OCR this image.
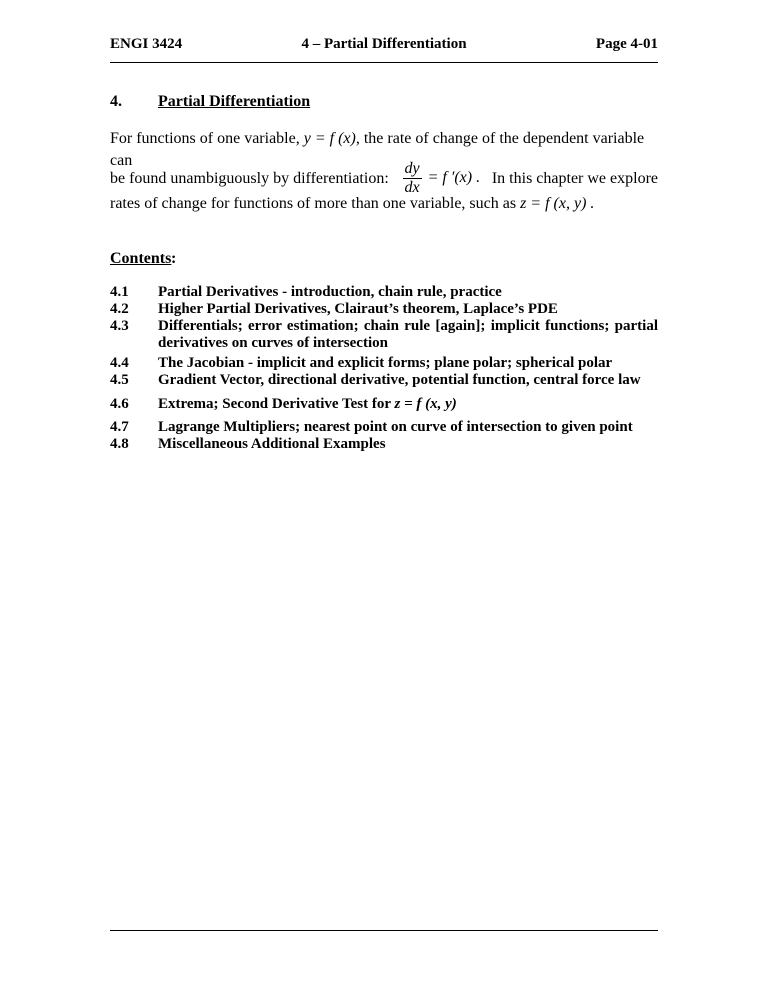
ENGI 3424	4 – Partial Differentiation	Page 4-01
4. Partial Differentiation
For functions of one variable, y = f (x), the rate of change of the dependent variable can
be found unambiguously by differentiation: $\frac{dy}{dx} = f$ ′(x) . In this chapter we explore
rates of change for functions of more than one variable, such as z = f (x, y) .
Contents :
4.1 Partial Derivatives - introduction, chain rule, practice
4.2 Higher Partial Derivatives, Clairaut’s theorem, Laplace’s PDE
4.3 Differentials; error estimation; chain rule [again]; implicit functions; partial derivatives on curves of intersection
4.4 The Jacobian - implicit and explicit forms; plane polar; spherical polar
4.5 Gradient Vector, directional derivative, potential function, central force law
4.6 Extrema; Second Derivative Test for z = f (x, y)
4.7 Lagrange Multipliers; nearest point on curve of intersection to given point
4.8 Miscellaneous Additional Examples
